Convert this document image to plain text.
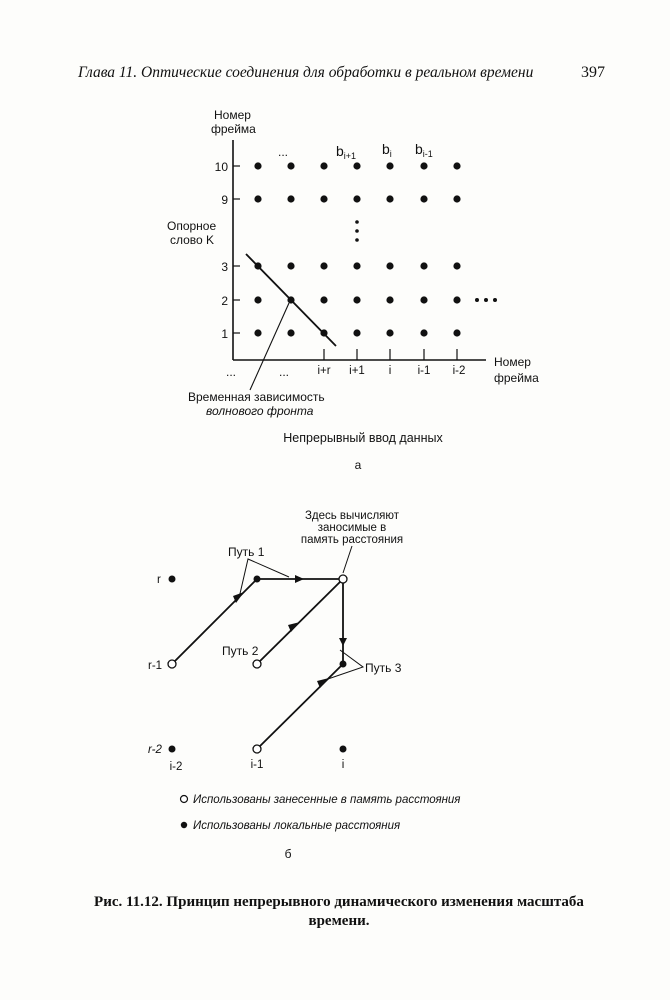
Глава 11. Оптические соединения для обработки в реальном времени	397
Номер
фрейма
10
9
3
2
1
Опорное
слово K
...	$b_{i+1}$ $b_i$ $b_{i-1}$
...	... i+r i+1 i i-1 i-2
Номер
фрейма
Временная зависимость
волнового фронта
Непрерывный ввод данных
а
Здесь вычисляют
заносимые в
память расстояния
Путь 1
Путь 2
Путь 3
r
r-1
r-2
i-2	i-1	i
Использованы занесенные в память расстояния
Использованы локальные расстояния
б
Рис. 11.12. Принцип непрерывного динамического изменения масштаба времени.
